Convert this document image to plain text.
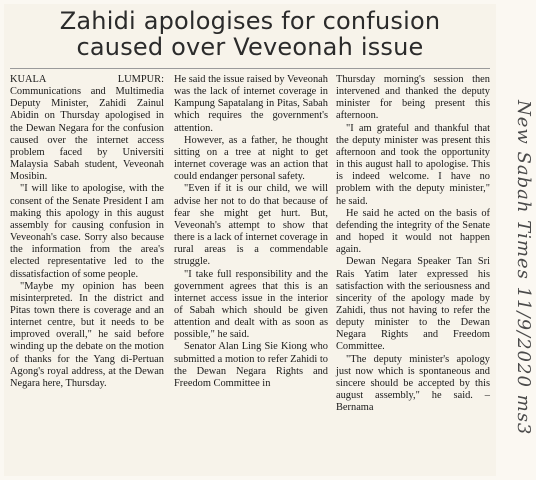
Zahidi apologises for confusion
caused over Veveonah issue

KUALA LUMPUR: Communications and Multimedia Deputy Minister, Zahidi Zainul Abidin on Thursday apologised in the Dewan Negara for the confusion caused over the internet access problem faced by Universiti Malaysia Sabah student, Veveonah Mosibin.

"I will like to apologise, with the consent of the Senate President I am making this apology in this august assembly for causing confusion in Veveonah's case. Sorry also because the information from the area's elected representative led to the dissatisfaction of some people.

"Maybe my opinion has been misinterpreted. In the district and Pitas town there is coverage and an internet centre, but it needs to be improved overall," he said before winding up the debate on the motion of thanks for the Yang di-Pertuan Agong's royal address, at the Dewan Negara here, Thursday.

He said the issue raised by Veveonah was the lack of internet coverage in Kampung Sapatalang in Pitas, Sabah which requires the government's attention.

However, as a father, he thought sitting on a tree at night to get internet coverage was an action that could endanger personal safety.

"Even if it is our child, we will advise her not to do that because of fear she might get hurt. But, Veveonah's attempt to show that there is a lack of internet coverage in rural areas is a commendable struggle.

"I take full responsibility and the government agrees that this is an internet access issue in the interior of Sabah which should be given attention and dealt with as soon as possible," he said.

Senator Alan Ling Sie Kiong who submitted a motion to refer Zahidi to the Dewan Negara Rights and Freedom Committee in

Thursday morning's session then intervened and thanked the deputy minister for being present this afternoon.

"I am grateful and thankful that the deputy minister was present this afternoon and took the opportunity in this august hall to apologise. This is indeed welcome. I have no problem with the deputy minister," he said.

He said he acted on the basis of defending the integrity of the Senate and hoped it would not happen again.

Dewan Negara Speaker Tan Sri Rais Yatim later expressed his satisfaction with the seriousness and sincerity of the apology made by Zahidi, thus not having to refer the deputy minister to the Dewan Negara Rights and Freedom Committee.

"The deputy minister's apology just now which is spontaneous and sincere should be accepted by this august assembly," he said. –Bernama	New Sabah Times 11/9/2020 ms3
